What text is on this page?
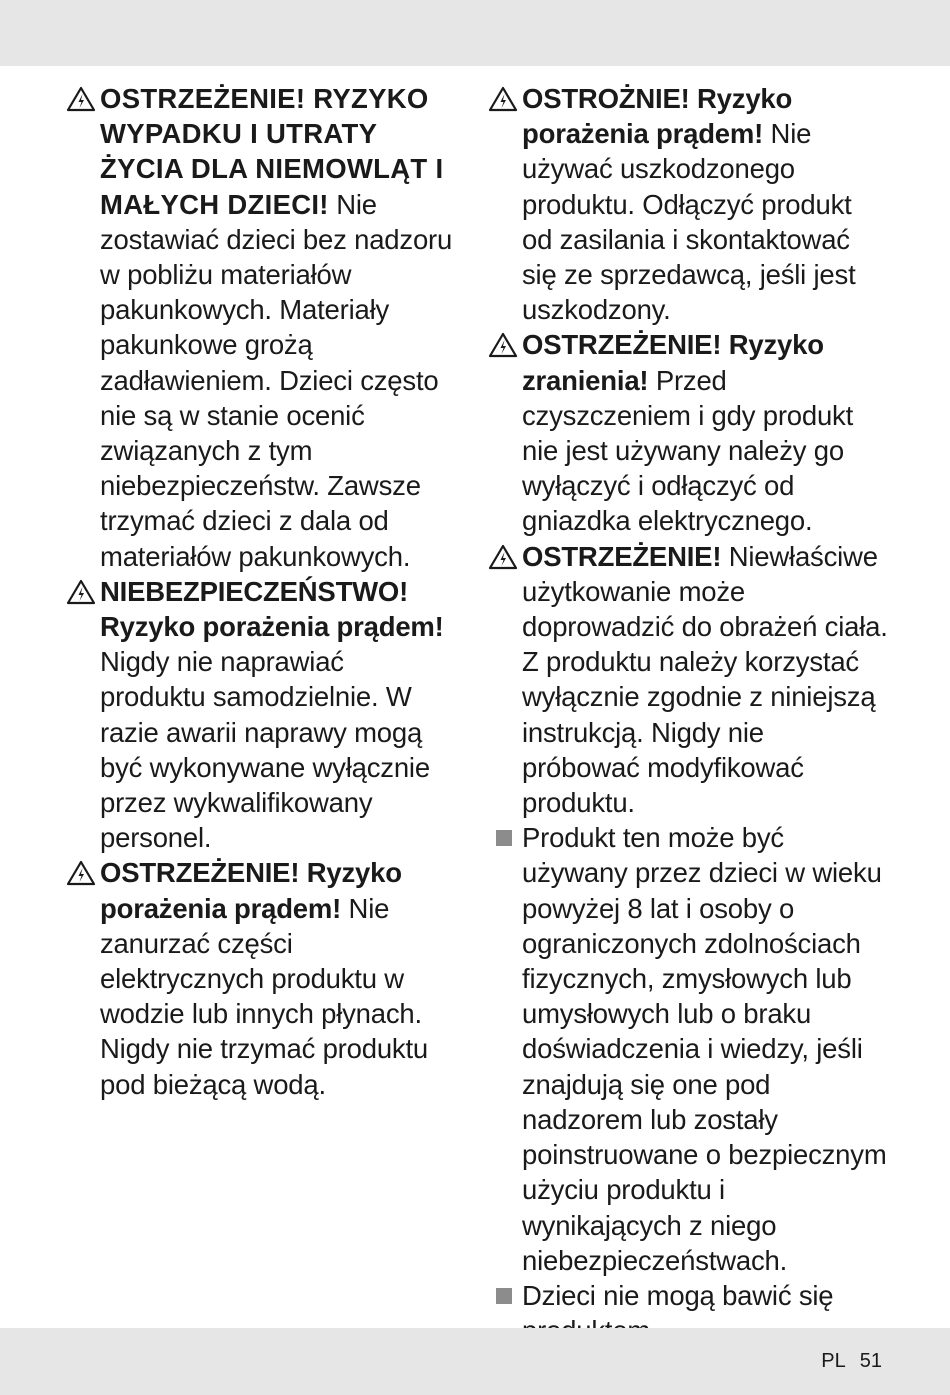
OSTRZEŻENIE! RYZYKO WYPADKU I UTRATY ŻYCIA DLA NIEMOWLĄT I MAŁYCH DZIECI! Nie zostawiać dzieci bez nadzoru w pobliżu materiałów pakunkowych. Materiały pakunkowe grożą zadławieniem. Dzieci często nie są w stanie ocenić związanych z tym niebezpieczeństw. Zawsze trzymać dzieci z dala od materiałów pakunkowych.

NIEBEZPIECZEŃSTWO! Ryzyko porażenia prądem! Nigdy nie naprawiać produktu samodzielnie. W razie awarii naprawy mogą być wykonywane wyłącznie przez wykwalifikowany personel.

OSTRZEŻENIE! Ryzyko porażenia prądem! Nie zanurzać części elektrycznych produktu w wodzie lub innych płynach. Nigdy nie trzymać produktu pod bieżącą wodą.

OSTROŻNIE! Ryzyko porażenia prądem! Nie używać uszkodzonego produktu. Odłączyć produkt od zasilania i skontaktować się ze sprzedawcą, jeśli jest uszkodzony.

OSTRZEŻENIE! Ryzyko zranienia! Przed czyszczeniem i gdy produkt nie jest używany należy go wyłączyć i odłączyć od gniazdka elektrycznego.

OSTRZEŻENIE! Niewłaściwe użytkowanie może doprowadzić do obrażeń ciała. Z produktu należy korzystać wyłącznie zgodnie z niniejszą instrukcją. Nigdy nie próbować modyfikować produktu.

Produkt ten może być używany przez dzieci w wieku powyżej 8 lat i osoby o ograniczonych zdolnościach fizycznych, zmysłowych lub umysłowych lub o braku doświadczenia i wiedzy, jeśli znajdują się one pod nadzorem lub zostały poinstruowane o bezpiecznym użyciu produktu i wynikających z niego niebezpieczeństwach.

Dzieci nie mogą bawić się

PL 51
